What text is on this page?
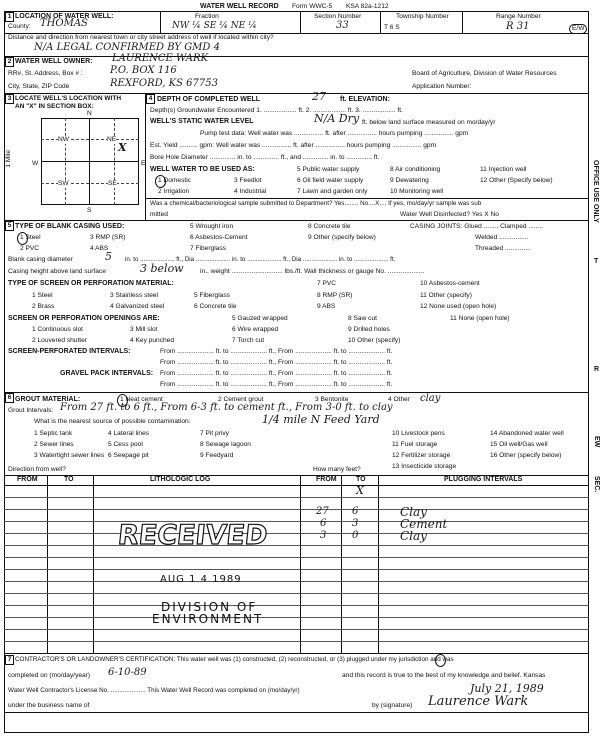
WATER WELL RECORD Form WWC-5 KSA 82a-1212
1 LOCATION OF WATER WELL:
County: THOMAS
Fraction
NW ¼ SE ¼ NE ¼
Section Number
33
Township Number
T 6 S
Range Number
R 31	E/W
Distance and direction from nearest town or city street address of well if located within city?
N/A LEGAL CONFIRMED BY GMD 4
2 WATER WELL OWNER: LAURENCE WARK
RR#, St. Address, Box # :	P.O. BOX 116
City, State, ZIP Code	REXFORD, KS 67753
Board of Agriculture, Division of Water Resources
Application Number:
3 LOCATE WELL'S LOCATION WITH
AN "X" IN SECTION BOX:
N
S
W	E
1 Mile
NW	NE
SW	SE
X
4 DEPTH OF COMPLETED WELL	27 ft. ELEVATION:
Depth(s) Groundwater Encountered 1. .................. ft. 2. .................. ft. 3. .................. ft.
WELL'S STATIC WATER LEVEL	N/A Dry ft. below land surface measured on mo/day/yr
Pump test data: Well water was ................ ft. after ................ hours pumping ................ gpm
Est. Yield .......... gpm: Well water was ................ ft. after ................ hours pumping ................ gpm
Bore Hole Diameter .............. in. to .............. ft., and .............. in. to .............. ft.
WELL WATER TO BE USED AS:	5 Public water supply	8 Air conditioning	11 Injection well
1 Domestic	3 Feedlot	6 Oil field water supply	9 Dewatering	12 Other (Specify below)
2 Irrigation	4 Industrial	7 Lawn and garden only	10 Monitoring well
Was a chemical/bacteriological sample submitted to Department? Yes........ No....X.... If yes, mo/day/yr sample was sub
mitted	Water Well Disinfected? Yes X No
5 TYPE OF BLANK CASING USED:
1 Steel	3 RMP (SR)
5 Wrought iron	8 Concrete tile
2 PVC	4 ABS
6 Asbestos-Cement	9 Other (specify below)
7 Fiberglass
CASING JOINTS: Glued ........ Clamped ........
Welded ................
Threaded ..............
Blank casing diameter	5 in. to .................... ft., Dia .................... in. to .................... ft., Dia .................... in. to .................... ft.
Casing height above land surface	3 below in., weight ............................ lbs./ft. Wall thickness or gauge No. ....................
TYPE OF SCREEN OR PERFORATION MATERIAL:
1 Steel	3 Stainless steel	5 Fiberglass
7 PVC	10 Asbestos-cement
2 Brass	4 Galvanized steel	6 Concrete tile
8 RMP (SR)	11 Other (specify)
9 ABS	12 None used (open hole)
SCREEN OR PERFORATION OPENINGS ARE:	5 Gauzed wrapped	8 Saw cut	11 None (open hole)
1 Continuous slot	3 Mill slot	6 Wire wrapped	9 Drilled holes
2 Louvered shutter	4 Key punched	7 Torch cut	10 Other (specify)
SCREEN-PERFORATED INTERVALS:	From .................... ft. to .................... ft., From .................... ft. to .................... ft.
From .................... ft. to .................... ft., From .................... ft. to .................... ft.
GRAVEL PACK INTERVALS: From .................... ft. to .................... ft., From .................... ft. to .................... ft.
From .................... ft. to .................... ft., From .................... ft. to .................... ft.
6 GROUT MATERIAL:	1 Neat cement	2 Cement grout	3 Bentonite	4 Other clay
Grout Intervals: From 27 ft. to 6 ft., From 6-3 ft. to cement ft., From 3-0 ft. to clay
What is the nearest source of possible contamination:	1/4 mile N Feed Yard
1 Septic tank	4 Lateral lines	7 Pit privy	10 Livestock pens	14 Abandoned water well
2 Sewer lines	5 Cess pool	8 Sewage lagoon	11 Fuel storage	15 Oil well/Gas well
3 Watertight sewer lines 6 Seepage pit	9 Feedyard	12 Fertilizer storage	16 Other (specify below)
13 Insecticide storage
Direction from well?	How many feet?
FROM	TO	LITHOLOGIC LOG	FROM	TO	PLUGGING INTERVALS
X
27 6	Clay
6	3	Cement
3	0	Clay
RECEIVED
AUG 1 4 1989
DIVISION OF
ENVIRONMENT
7 CONTRACTOR'S OR LANDOWNER'S CERTIFICATION: This water well was (1) constructed, (2) reconstructed, or (3) plugged under my jurisdiction and was
completed on (mo/day/year) 6-10-89	and this record is true to the best of my knowledge and belief. Kansas
Water Well Contractor's License No. .................... This Water Well Record was completed on (mo/day/yr)	July 21, 1989
under the business name of	by (signature) Laurence Wark
OFFICE USE ONLY
T
R
EW
SEC.
